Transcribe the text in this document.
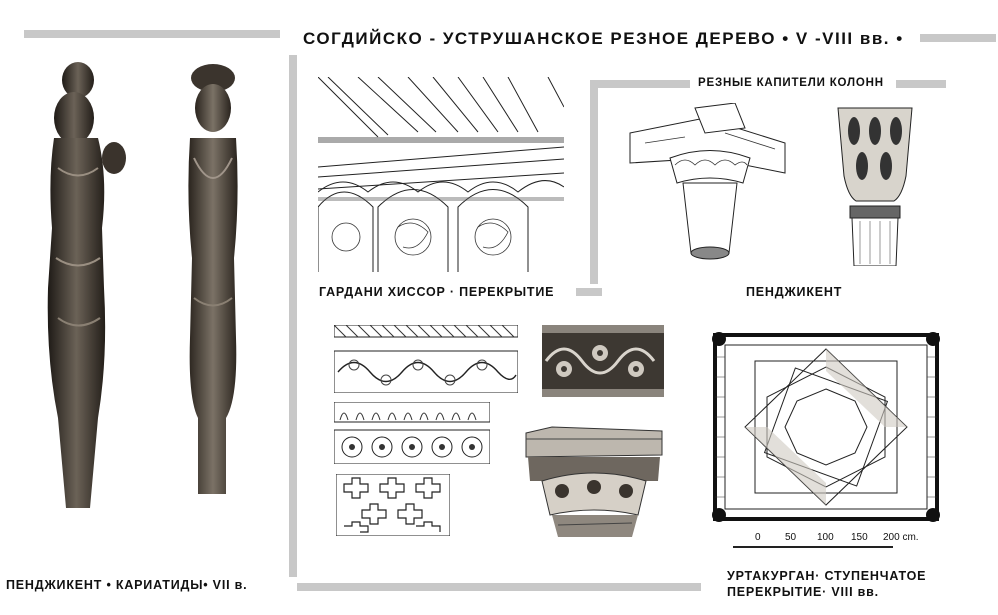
СОГДИЙСКО - УСТРУШАНСКОЕ РЕЗНОЕ ДЕРЕВО • V -VIII вв. •
ПЕНДЖИКЕНТ • КАРИАТИДЫ• VII в.
ГАРДАНИ ХИССОР · ПЕРЕКРЫТИЕ
РЕЗНЫЕ КАПИТЕЛИ КОЛОНН
ПЕНДЖИКЕНТ
0 50 100 150 200 cm.
УРТАКУРГАН· СТУПЕНЧАТОЕ
ПЕРЕКРЫТИЕ· VIII вв.
